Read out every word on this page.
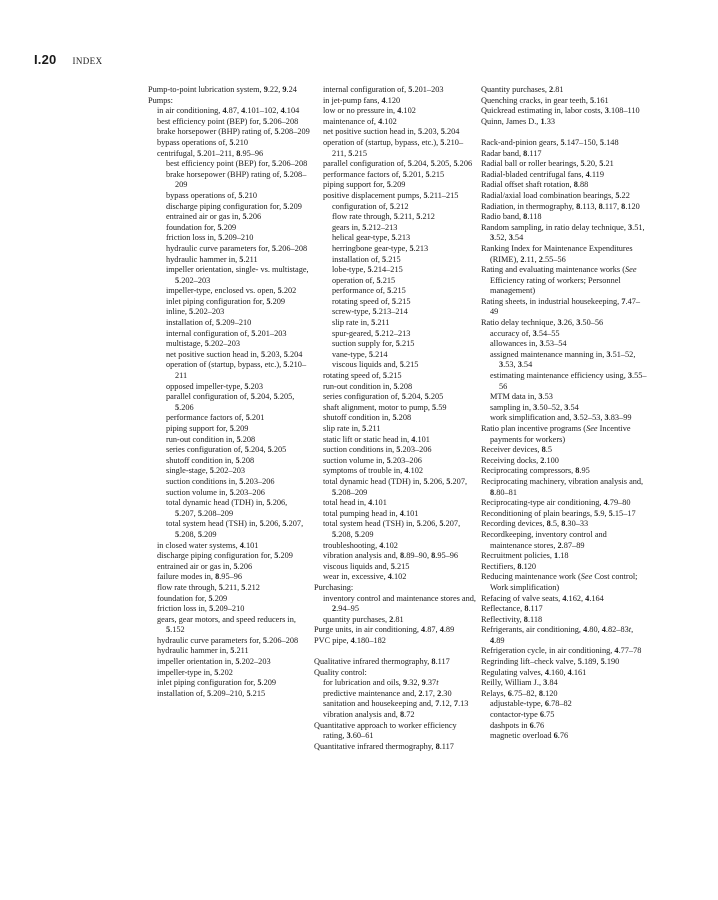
I.20 INDEX

Pump-to-point lubrication system, 9.22, 9.24

Pumps:

in air conditioning, 4.87, 4.101–102, 4.104

best efficiency point (BEP) for, 5.206–208

brake horsepower (BHP) rating of, 5.208–209

bypass operations of, 5.210

centrifugal, 5.201–211, 8.95–96

best efficiency point (BEP) for, 5.206–208

brake horsepower (BHP) rating of, 5.208–209

bypass operations of, 5.210

discharge piping configuration for, 5.209

entrained air or gas in, 5.206

foundation for, 5.209

friction loss in, 5.209–210

hydraulic curve parameters for, 5.206–208

hydraulic hammer in, 5.211

impeller orientation, single- vs. multistage, 5.202–203

impeller-type, enclosed vs. open, 5.202

inlet piping configuration for, 5.209

inline, 5.202–203

installation of, 5.209–210

internal configuration of, 5.201–203

multistage, 5.202–203

net positive suction head in, 5.203, 5.204

operation of (startup, bypass, etc.), 5.210–211

opposed impeller-type, 5.203

parallel configuration of, 5.204, 5.205, 5.206

performance factors of, 5.201

piping support for, 5.209

run-out condition in, 5.208

series configuration of, 5.204, 5.205

shutoff condition in, 5.208

single-stage, 5.202–203

suction conditions in, 5.203–206

suction volume in, 5.203–206

total dynamic head (TDH) in, 5.206, 5.207, 5.208–209

total system head (TSH) in, 5.206, 5.207, 5.208, 5.209

in closed water systems, 4.101

discharge piping configuration for, 5.209

entrained air or gas in, 5.206

failure modes in, 8.95–96

flow rate through, 5.211, 5.212

foundation for, 5.209

friction loss in, 5.209–210

gears, gear motors, and speed reducers in, 5.152

hydraulic curve parameters for, 5.206–208

hydraulic hammer in, 5.211

impeller orientation in, 5.202–203

impeller-type in, 5.202

inlet piping configuration for, 5.209

installation of, 5.209–210, 5.215

internal configuration of, 5.201–203

in jet-pump fans, 4.120

low or no pressure in, 4.102

maintenance of, 4.102

net positive suction head in, 5.203, 5.204

operation of (startup, bypass, etc.), 5.210–211, 5.215

parallel configuration of, 5.204, 5.205, 5.206

performance factors of, 5.201, 5.215

piping support for, 5.209

positive displacement pumps, 5.211–215

configuration of, 5.212

flow rate through, 5.211, 5.212

gears in, 5.212–213

helical gear-type, 5.213

herringbone gear-type, 5.213

installation of, 5.215

lobe-type, 5.214–215

operation of, 5.215

performance of, 5.215

rotating speed of, 5.215

screw-type, 5.213–214

slip rate in, 5.211

spur-geared, 5.212–213

suction supply for, 5.215

vane-type, 5.214

viscous liquids and, 5.215

rotating speed of, 5.215

run-out condition in, 5.208

series configuration of, 5.204, 5.205

shaft alignment, motor to pump, 5.59

shutoff condition in, 5.208

slip rate in, 5.211

static lift or static head in, 4.101

suction conditions in, 5.203–206

suction volume in, 5.203–206

symptoms of trouble in, 4.102

total dynamic head (TDH) in, 5.206, 5.207, 5.208–209

total head in, 4.101

total pumping head in, 4.101

total system head (TSH) in, 5.206, 5.207, 5.208, 5.209

troubleshooting, 4.102

vibration analysis and, 8.89–90, 8.95–96

viscous liquids and, 5.215

wear in, excessive, 4.102

Purchasing:

inventory control and maintenance stores and, 2.94–95

quantity purchases, 2.81

Purge units, in air conditioning, 4.87, 4.89

PVC pipe, 4.180–182

Qualitative infrared thermography, 8.117

Quality control:

for lubrication and oils, 9.32, 9.37t

predictive maintenance and, 2.17, 2.30

sanitation and housekeeping and, 7.12, 7.13

vibration analysis and, 8.72

Quantitative approach to worker efficiency rating, 3.60–61

Quantitative infrared thermography, 8.117

Quantity purchases, 2.81

Quenching cracks, in gear teeth, 5.161

Quickread estimating in, labor costs, 3.108–110

Quinn, James D., 1.33

Rack-and-pinion gears, 5.147–150, 5.148

Radar band, 8.117

Radial ball or roller bearings, 5.20, 5.21

Radial-bladed centrifugal fans, 4.119

Radial offset shaft rotation, 8.88

Radial/axial load combination bearings, 5.22

Radiation, in thermography, 8.113, 8.117, 8.120

Radio band, 8.118

Random sampling, in ratio delay technique, 3.51, 3.52, 3.54

Ranking Index for Maintenance Expenditures (RIME), 2.11, 2.55–56

Rating and evaluating maintenance works (See Efficiency rating of workers; Personnel management)

Rating sheets, in industrial housekeeping, 7.47–49

Ratio delay technique, 3.26, 3.50–56

accuracy of, 3.54–55

allowances in, 3.53–54

assigned maintenance manning in, 3.51–52, 3.53, 3.54

estimating maintenance efficiency using, 3.55–56

MTM data in, 3.53

sampling in, 3.50–52, 3.54

work simplification and, 3.52–53, 3.83–99

Ratio plan incentive programs (See Incentive payments for workers)

Receiver devices, 8.5

Receiving docks, 2.100

Reciprocating compressors, 8.95

Reciprocating machinery, vibration analysis and, 8.80–81

Reciprocating-type air conditioning, 4.79–80

Reconditioning of plain bearings, 5.9, 5.15–17

Recording devices, 8.5, 8.30–33

Recordkeeping, inventory control and maintenance stores, 2.87–89

Recruitment policies, 1.18

Rectifiers, 8.120

Reducing maintenance work (See Cost control; Work simplification)

Refacing of valve seats, 4.162, 4.164

Reflectance, 8.117

Reflectivity, 8.118

Refrigerants, air conditioning, 4.80, 4.82–83t, 4.89

Refrigeration cycle, in air conditioning, 4.77–78

Regrinding lift–check valve, 5.189, 5.190

Regulating valves, 4.160, 4.161

Reilly, William J., 3.84

Relays, 6.75–82, 8.120

adjustable-type, 6.78–82

contactor-type 6.75

dashpots in 6.76

magnetic overload 6.76
